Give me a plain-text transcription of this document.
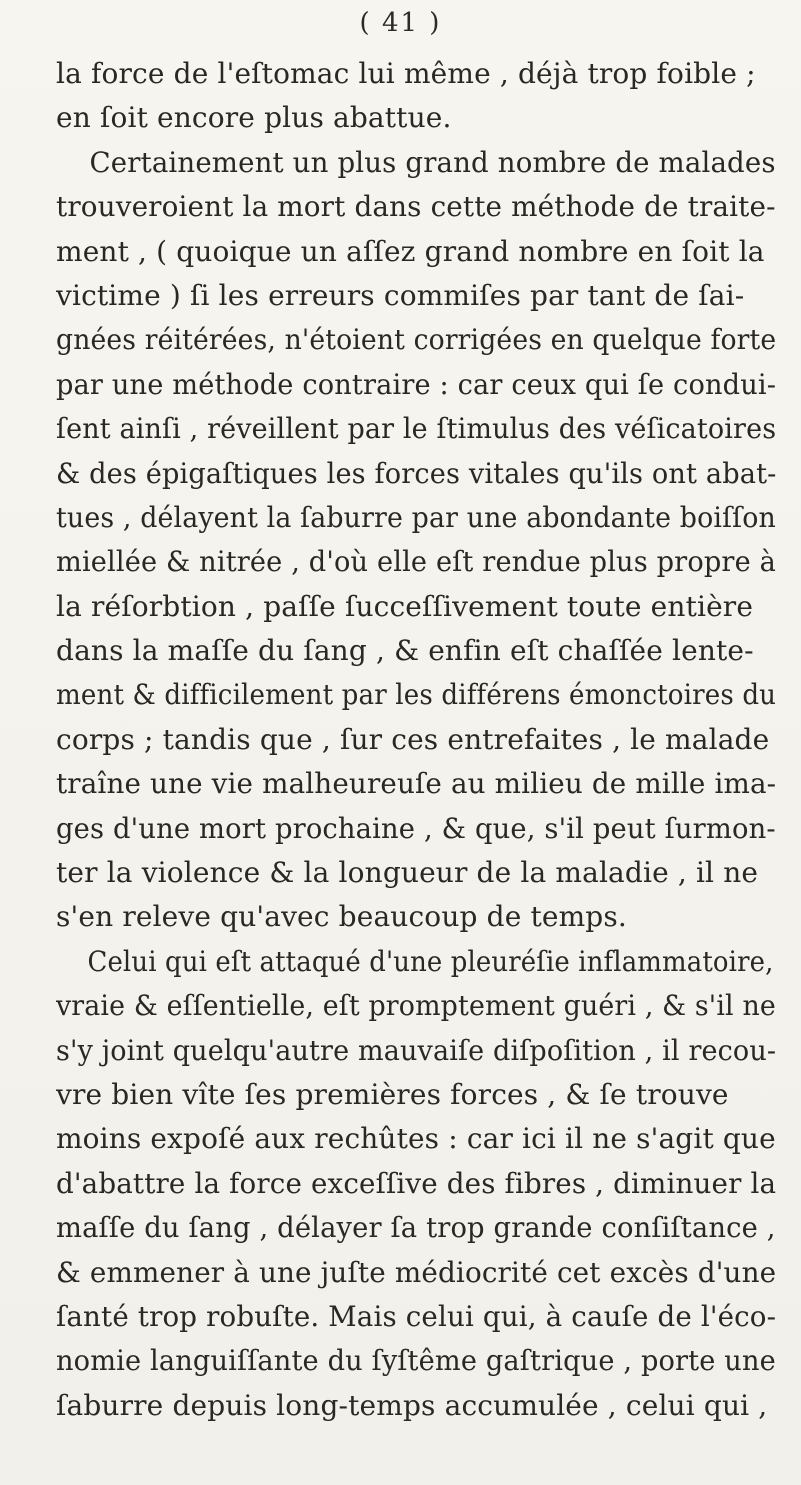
( 41 )
la force de l'eſtomac lui même , déjà trop foible ;
en ſoit encore plus abattue.
Certainement un plus grand nombre de malades
trouveroient la mort dans cette méthode de traite-
ment , ( quoique un aſſez grand nombre en ſoit la
victime ) ſi les erreurs commiſes par tant de ſai-
gnées réitérées, n'étoient corrigées en quelque forte
par une méthode contraire : car ceux qui ſe condui-
ſent ainſi , réveillent par le ſtimulus des véſicatoires
& des épigaſtiques les forces vitales qu'ils ont abat-
tues , délayent la ſaburre par une abondante boiſſon
miellée & nitrée , d'où elle eſt rendue plus propre à
la réſorbtion , paſſe ſucceſſivement toute entière
dans la maſſe du ſang , & enfin eſt chaſſée lente-
ment & difficilement par les différens émonctoires du
corps ; tandis que , ſur ces entrefaites , le malade
traîne une vie malheureuſe au milieu de mille ima-
ges d'une mort prochaine , & que, s'il peut ſurmon-
ter la violence & la longueur de la maladie , il ne
s'en releve qu'avec beaucoup de temps.
Celui qui eſt attaqué d'une pleuréſie inflammatoire,
vraie & eſſentielle, eſt promptement guéri , & s'il ne
s'y joint quelqu'autre mauvaiſe diſpoſition , il recou-
vre bien vîte ſes premières forces , & ſe trouve
moins expoſé aux rechûtes : car ici il ne s'agit que
d'abattre la force exceſſive des fibres , diminuer la
maſſe du ſang , délayer ſa trop grande conſiſtance ,
& emmener à une juſte médiocrité cet excès d'une
ſanté trop robuſte. Mais celui qui, à cauſe de l'éco-
nomie languiſſante du ſyſtême gaſtrique , porte une
ſaburre depuis long-temps accumulée , celui qui ,
